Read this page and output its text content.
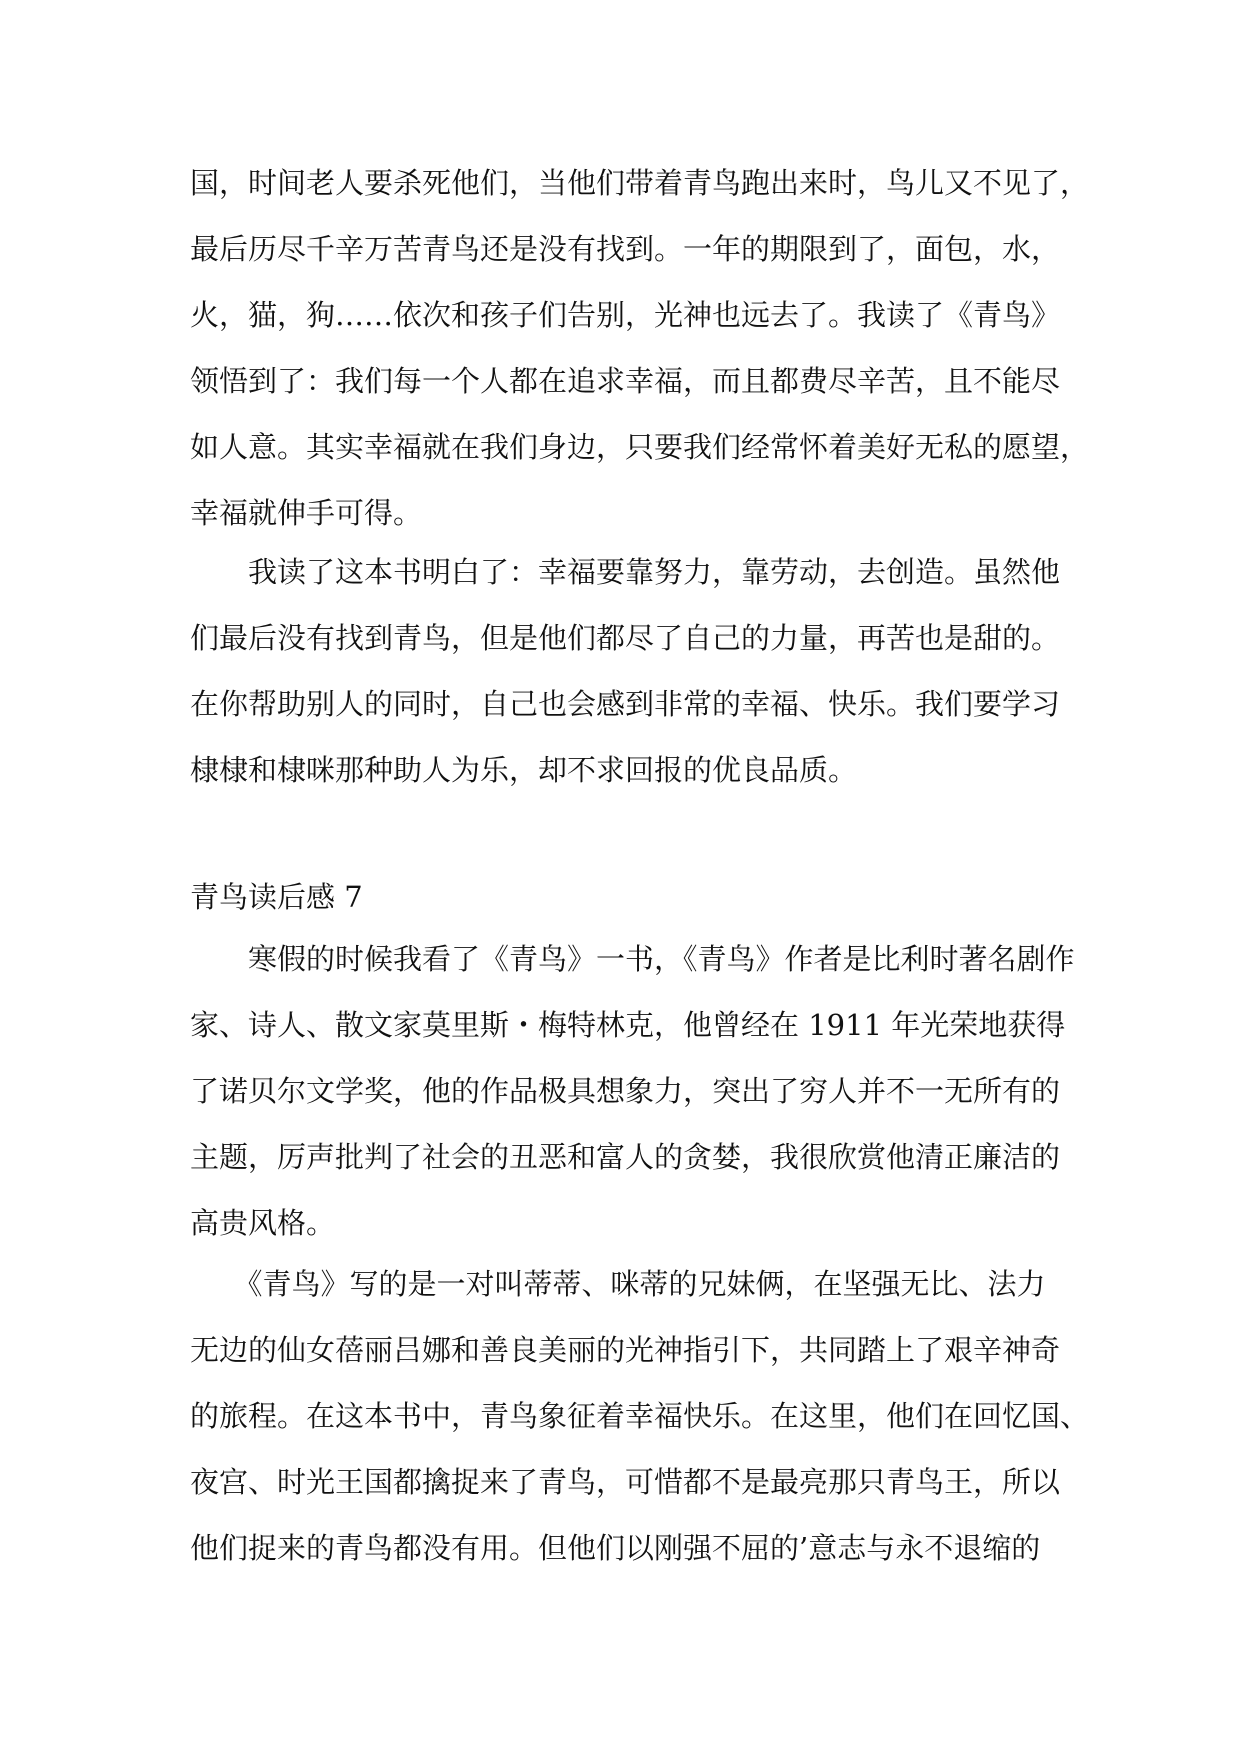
国，时间老人要杀死他们，当他们带着青鸟跑出来时，鸟儿又不见了，
最后历尽千辛万苦青鸟还是没有找到。一年的期限到了，面包，水，
火，猫，狗……依次和孩子们告别，光神也远去了。我读了《青鸟》
领悟到了：我们每一个人都在追求幸福，而且都费尽辛苦，且不能尽
如人意。其实幸福就在我们身边，只要我们经常怀着美好无私的愿望，
幸福就伸手可得。
　　我读了这本书明白了：幸福要靠努力，靠劳动，去创造。虽然他
们最后没有找到青鸟，但是他们都尽了自己的力量，再苦也是甜的。
在你帮助别人的同时，自己也会感到非常的幸福、快乐。我们要学习
棣棣和棣咪那种助人为乐，却不求回报的优良品质。
青鸟读后感 7
　　寒假的时候我看了《青鸟》一书，《青鸟》作者是比利时著名剧作
家、诗人、散文家莫里斯・梅特林克，他曾经在 1911 年光荣地获得
了诺贝尔文学奖，他的作品极具想象力，突出了穷人并不一无所有的
主题，厉声批判了社会的丑恶和富人的贪婪，我很欣赏他清正廉洁的
高贵风格。
　　《青鸟》写的是一对叫蒂蒂、咪蒂的兄妹俩，在坚强无比、法力
无边的仙女蓓丽吕娜和善良美丽的光神指引下，共同踏上了艰辛神奇
的旅程。在这本书中，青鸟象征着幸福快乐。在这里，他们在回忆国、
夜宫、时光王国都擒捉来了青鸟，可惜都不是最亮那只青鸟王，所以
他们捉来的青鸟都没有用。但他们以刚强不屈的’意志与永不退缩的
